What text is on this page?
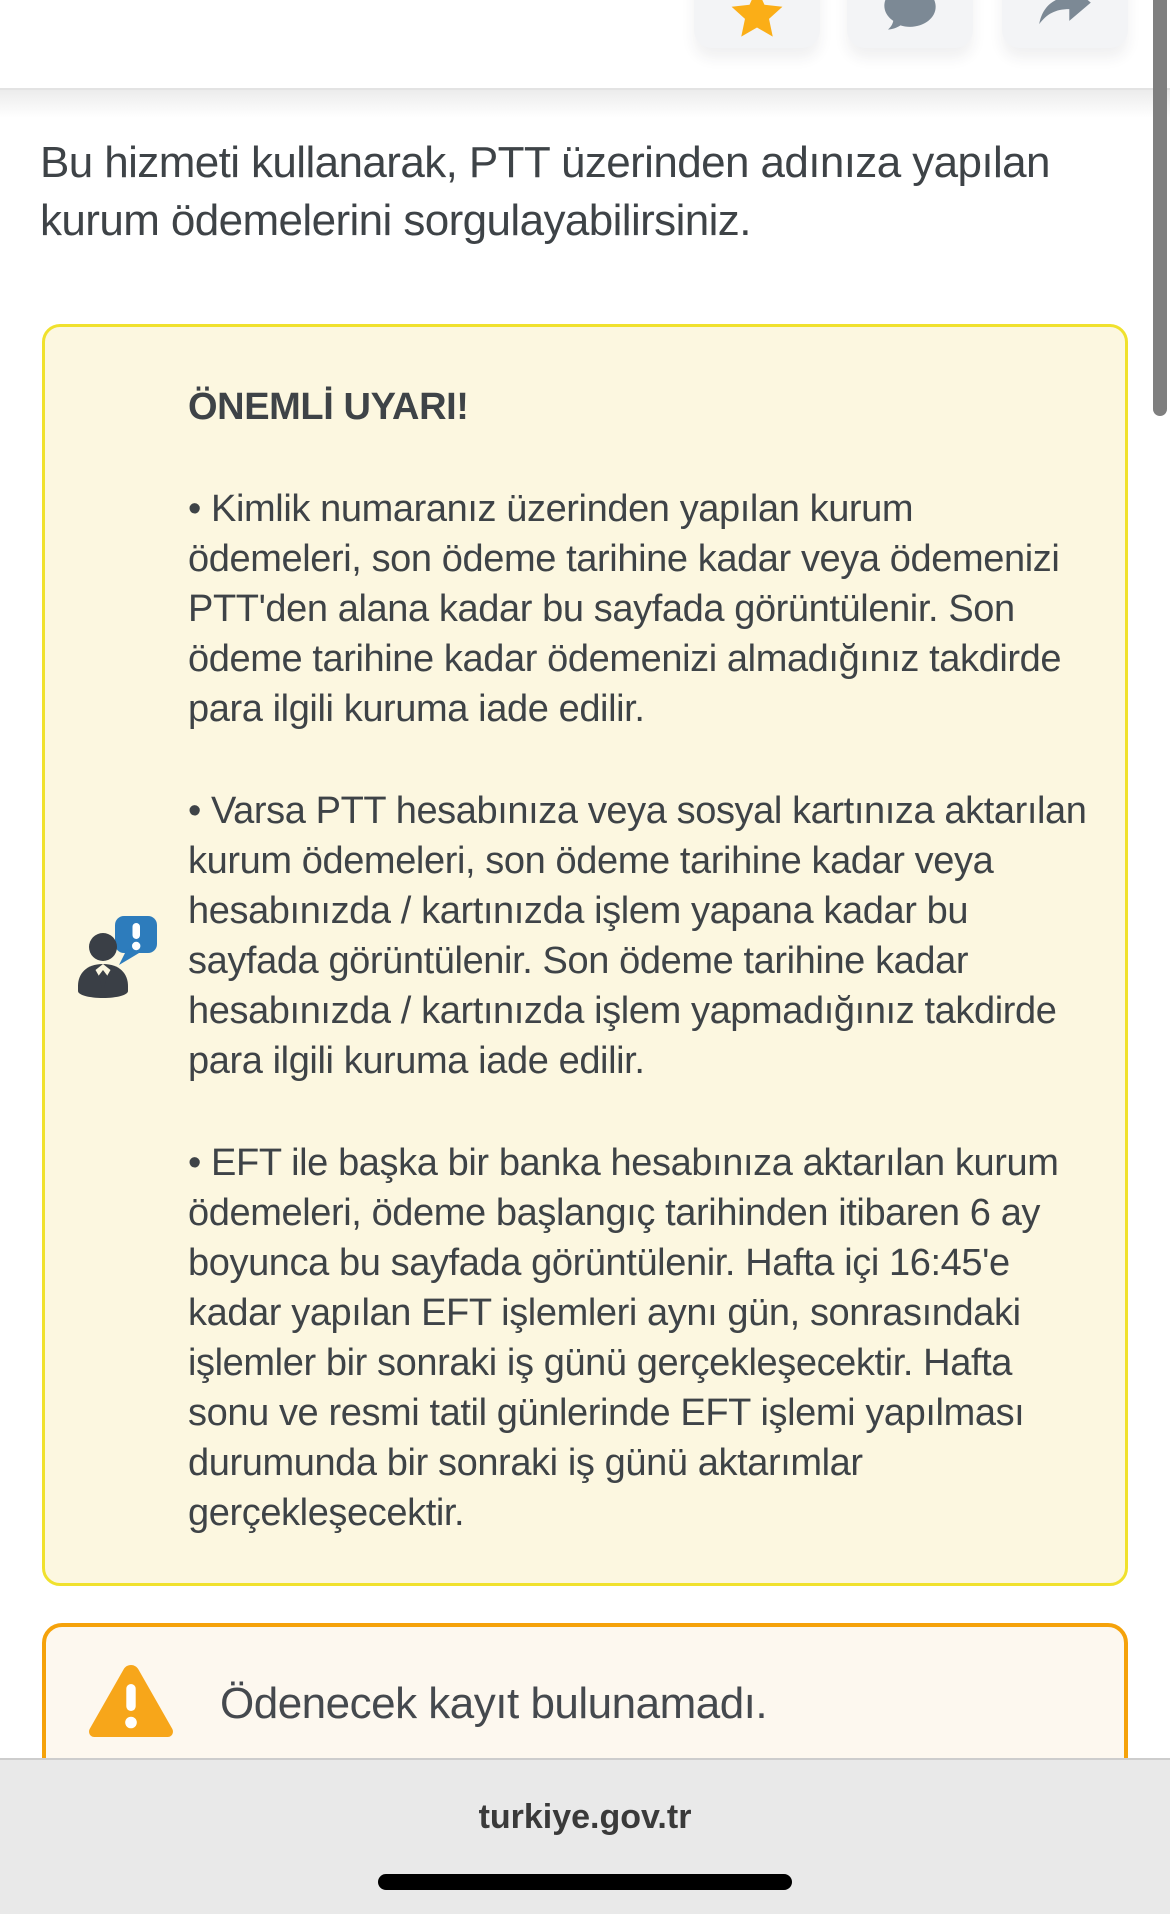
Bu hizmeti kullanarak, PTT üzerinden adınıza yapılan kurum ödemelerini sorgulayabilirsiniz.

ÖNEMLİ UYARI!

• Kimlik numaranız üzerinden yapılan kurum ödemeleri, son ödeme tarihine kadar veya ödemenizi PTT'den alana kadar bu sayfada görüntülenir. Son ödeme tarihine kadar ödemenizi almadığınız takdirde para ilgili kuruma iade edilir.

• Varsa PTT hesabınıza veya sosyal kartınıza aktarılan kurum ödemeleri, son ödeme tarihine kadar veya hesabınızda / kartınızda işlem yapana kadar bu sayfada görüntülenir. Son ödeme tarihine kadar hesabınızda / kartınızda işlem yapmadığınız takdirde para ilgili kuruma iade edilir.

• EFT ile başka bir banka hesabınıza aktarılan kurum ödemeleri, ödeme başlangıç tarihinden itibaren 6 ay boyunca bu sayfada görüntülenir. Hafta içi 16:45'e kadar yapılan EFT işlemleri aynı gün, sonrasındaki işlemler bir sonraki iş günü gerçekleşecektir. Hafta sonu ve resmi tatil günlerinde EFT işlemi yapılması durumunda bir sonraki iş günü aktarımlar gerçekleşecektir.

Ödenecek kayıt bulunamadı.
turkiye.gov.tr
